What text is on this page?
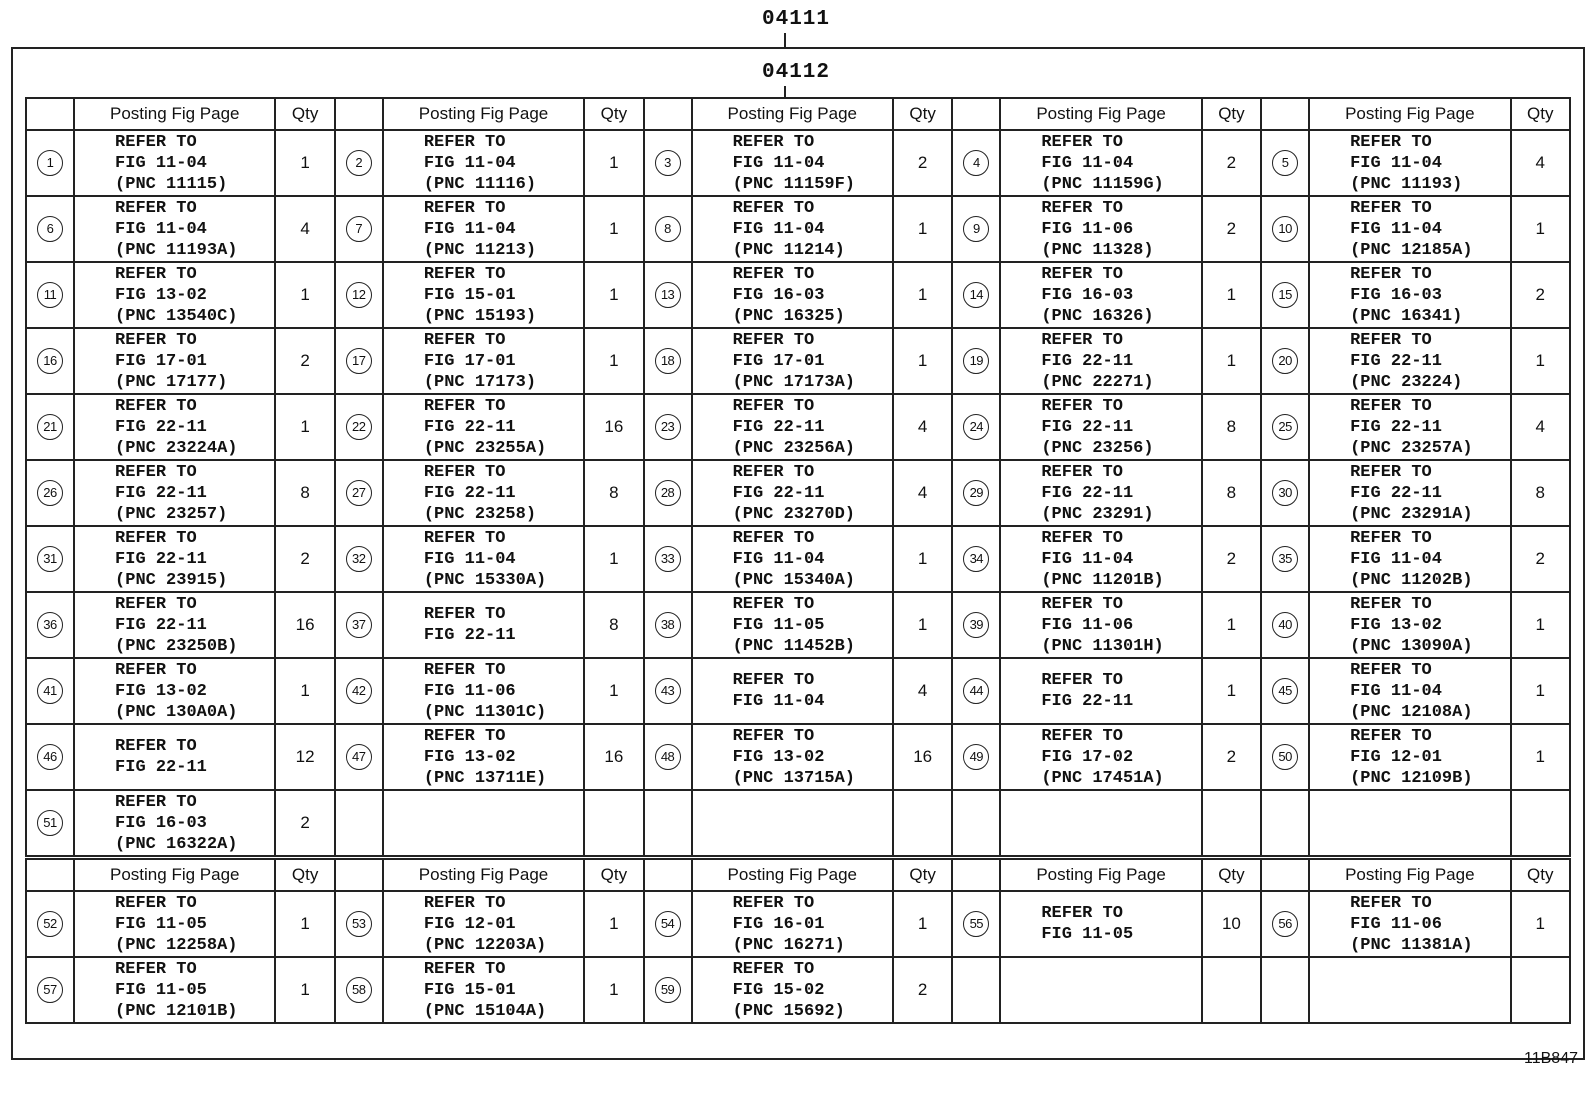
04111
04112
	Posting Fig Page	Qty		Posting Fig Page	Qty		Posting Fig Page	Qty		Posting Fig Page	Qty		Posting Fig Page	Qty
1	REFER TO
FIG 11-04
(PNC 11115)	1	2	REFER TO
FIG 11-04
(PNC 11116)	1	3	REFER TO
FIG 11-04
(PNC 11159F)	2	4	REFER TO
FIG 11-04
(PNC 11159G)	2	5	REFER TO
FIG 11-04
(PNC 11193)	4
6	REFER TO
FIG 11-04
(PNC 11193A)	4	7	REFER TO
FIG 11-04
(PNC 11213)	1	8	REFER TO
FIG 11-04
(PNC 11214)	1	9	REFER TO
FIG 11-06
(PNC 11328)	2	10	REFER TO
FIG 11-04
(PNC 12185A)	1
11	REFER TO
FIG 13-02
(PNC 13540C)	1	12	REFER TO
FIG 15-01
(PNC 15193)	1	13	REFER TO
FIG 16-03
(PNC 16325)	1	14	REFER TO
FIG 16-03
(PNC 16326)	1	15	REFER TO
FIG 16-03
(PNC 16341)	2
16	REFER TO
FIG 17-01
(PNC 17177)	2	17	REFER TO
FIG 17-01
(PNC 17173)	1	18	REFER TO
FIG 17-01
(PNC 17173A)	1	19	REFER TO
FIG 22-11
(PNC 22271)	1	20	REFER TO
FIG 22-11
(PNC 23224)	1
21	REFER TO
FIG 22-11
(PNC 23224A)	1	22	REFER TO
FIG 22-11
(PNC 23255A)	16	23	REFER TO
FIG 22-11
(PNC 23256A)	4	24	REFER TO
FIG 22-11
(PNC 23256)	8	25	REFER TO
FIG 22-11
(PNC 23257A)	4
26	REFER TO
FIG 22-11
(PNC 23257)	8	27	REFER TO
FIG 22-11
(PNC 23258)	8	28	REFER TO
FIG 22-11
(PNC 23270D)	4	29	REFER TO
FIG 22-11
(PNC 23291)	8	30	REFER TO
FIG 22-11
(PNC 23291A)	8
31	REFER TO
FIG 22-11
(PNC 23915)	2	32	REFER TO
FIG 11-04
(PNC 15330A)	1	33	REFER TO
FIG 11-04
(PNC 15340A)	1	34	REFER TO
FIG 11-04
(PNC 11201B)	2	35	REFER TO
FIG 11-04
(PNC 11202B)	2
36	REFER TO
FIG 22-11
(PNC 23250B)	16	37	REFER TO
FIG 22-11	8	38	REFER TO
FIG 11-05
(PNC 11452B)	1	39	REFER TO
FIG 11-06
(PNC 11301H)	1	40	REFER TO
FIG 13-02
(PNC 13090A)	1
41	REFER TO
FIG 13-02
(PNC 130A0A)	1	42	REFER TO
FIG 11-06
(PNC 11301C)	1	43	REFER TO
FIG 11-04	4	44	REFER TO
FIG 22-11	1	45	REFER TO
FIG 11-04
(PNC 12108A)	1
46	REFER TO
FIG 22-11	12	47	REFER TO
FIG 13-02
(PNC 13711E)	16	48	REFER TO
FIG 13-02
(PNC 13715A)	16	49	REFER TO
FIG 17-02
(PNC 17451A)	2	50	REFER TO
FIG 12-01
(PNC 12109B)	1
51	REFER TO
FIG 16-03
(PNC 16322A)	2												
	Posting Fig Page	Qty		Posting Fig Page	Qty		Posting Fig Page	Qty		Posting Fig Page	Qty		Posting Fig Page	Qty
52	REFER TO
FIG 11-05
(PNC 12258A)	1	53	REFER TO
FIG 12-01
(PNC 12203A)	1	54	REFER TO
FIG 16-01
(PNC 16271)	1	55	REFER TO
FIG 11-05	10	56	REFER TO
FIG 11-06
(PNC 11381A)	1
57	REFER TO
FIG 11-05
(PNC 12101B)	1	58	REFER TO
FIG 15-01
(PNC 15104A)	1	59	REFER TO
FIG 15-02
(PNC 15692)	2						
11B847
